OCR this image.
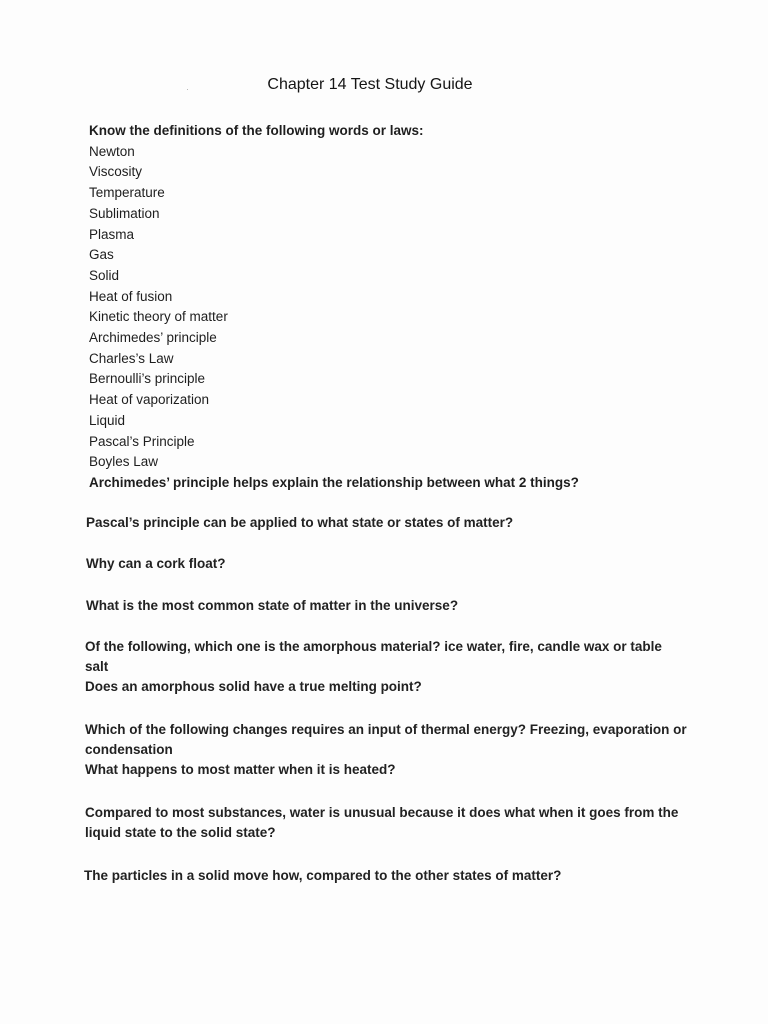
Chapter 14 Test Study Guide
Know the definitions of the following words or laws:
Newton
Viscosity
Temperature
Sublimation
Plasma
Gas
Solid
Heat of fusion
Kinetic theory of matter
Archimedes’ principle
Charles’s Law
Bernoulli’s principle
Heat of vaporization
Liquid
Pascal’s Principle
Boyles Law
Archimedes’ principle helps explain the relationship between what 2 things?
Pascal’s principle can be applied to what state or states of matter?
Why can a cork float?
What is the most common state of matter in the universe?
Of the following, which one is the amorphous material? ice water, fire, candle wax or table
salt
Does an amorphous solid have a true melting point?
Which of the following changes requires an input of thermal energy? Freezing, evaporation or
condensation
What happens to most matter when it is heated?
Compared to most substances, water is unusual because it does what when it goes from the
liquid state to the solid state?
The particles in a solid move how, compared to the other states of matter?
